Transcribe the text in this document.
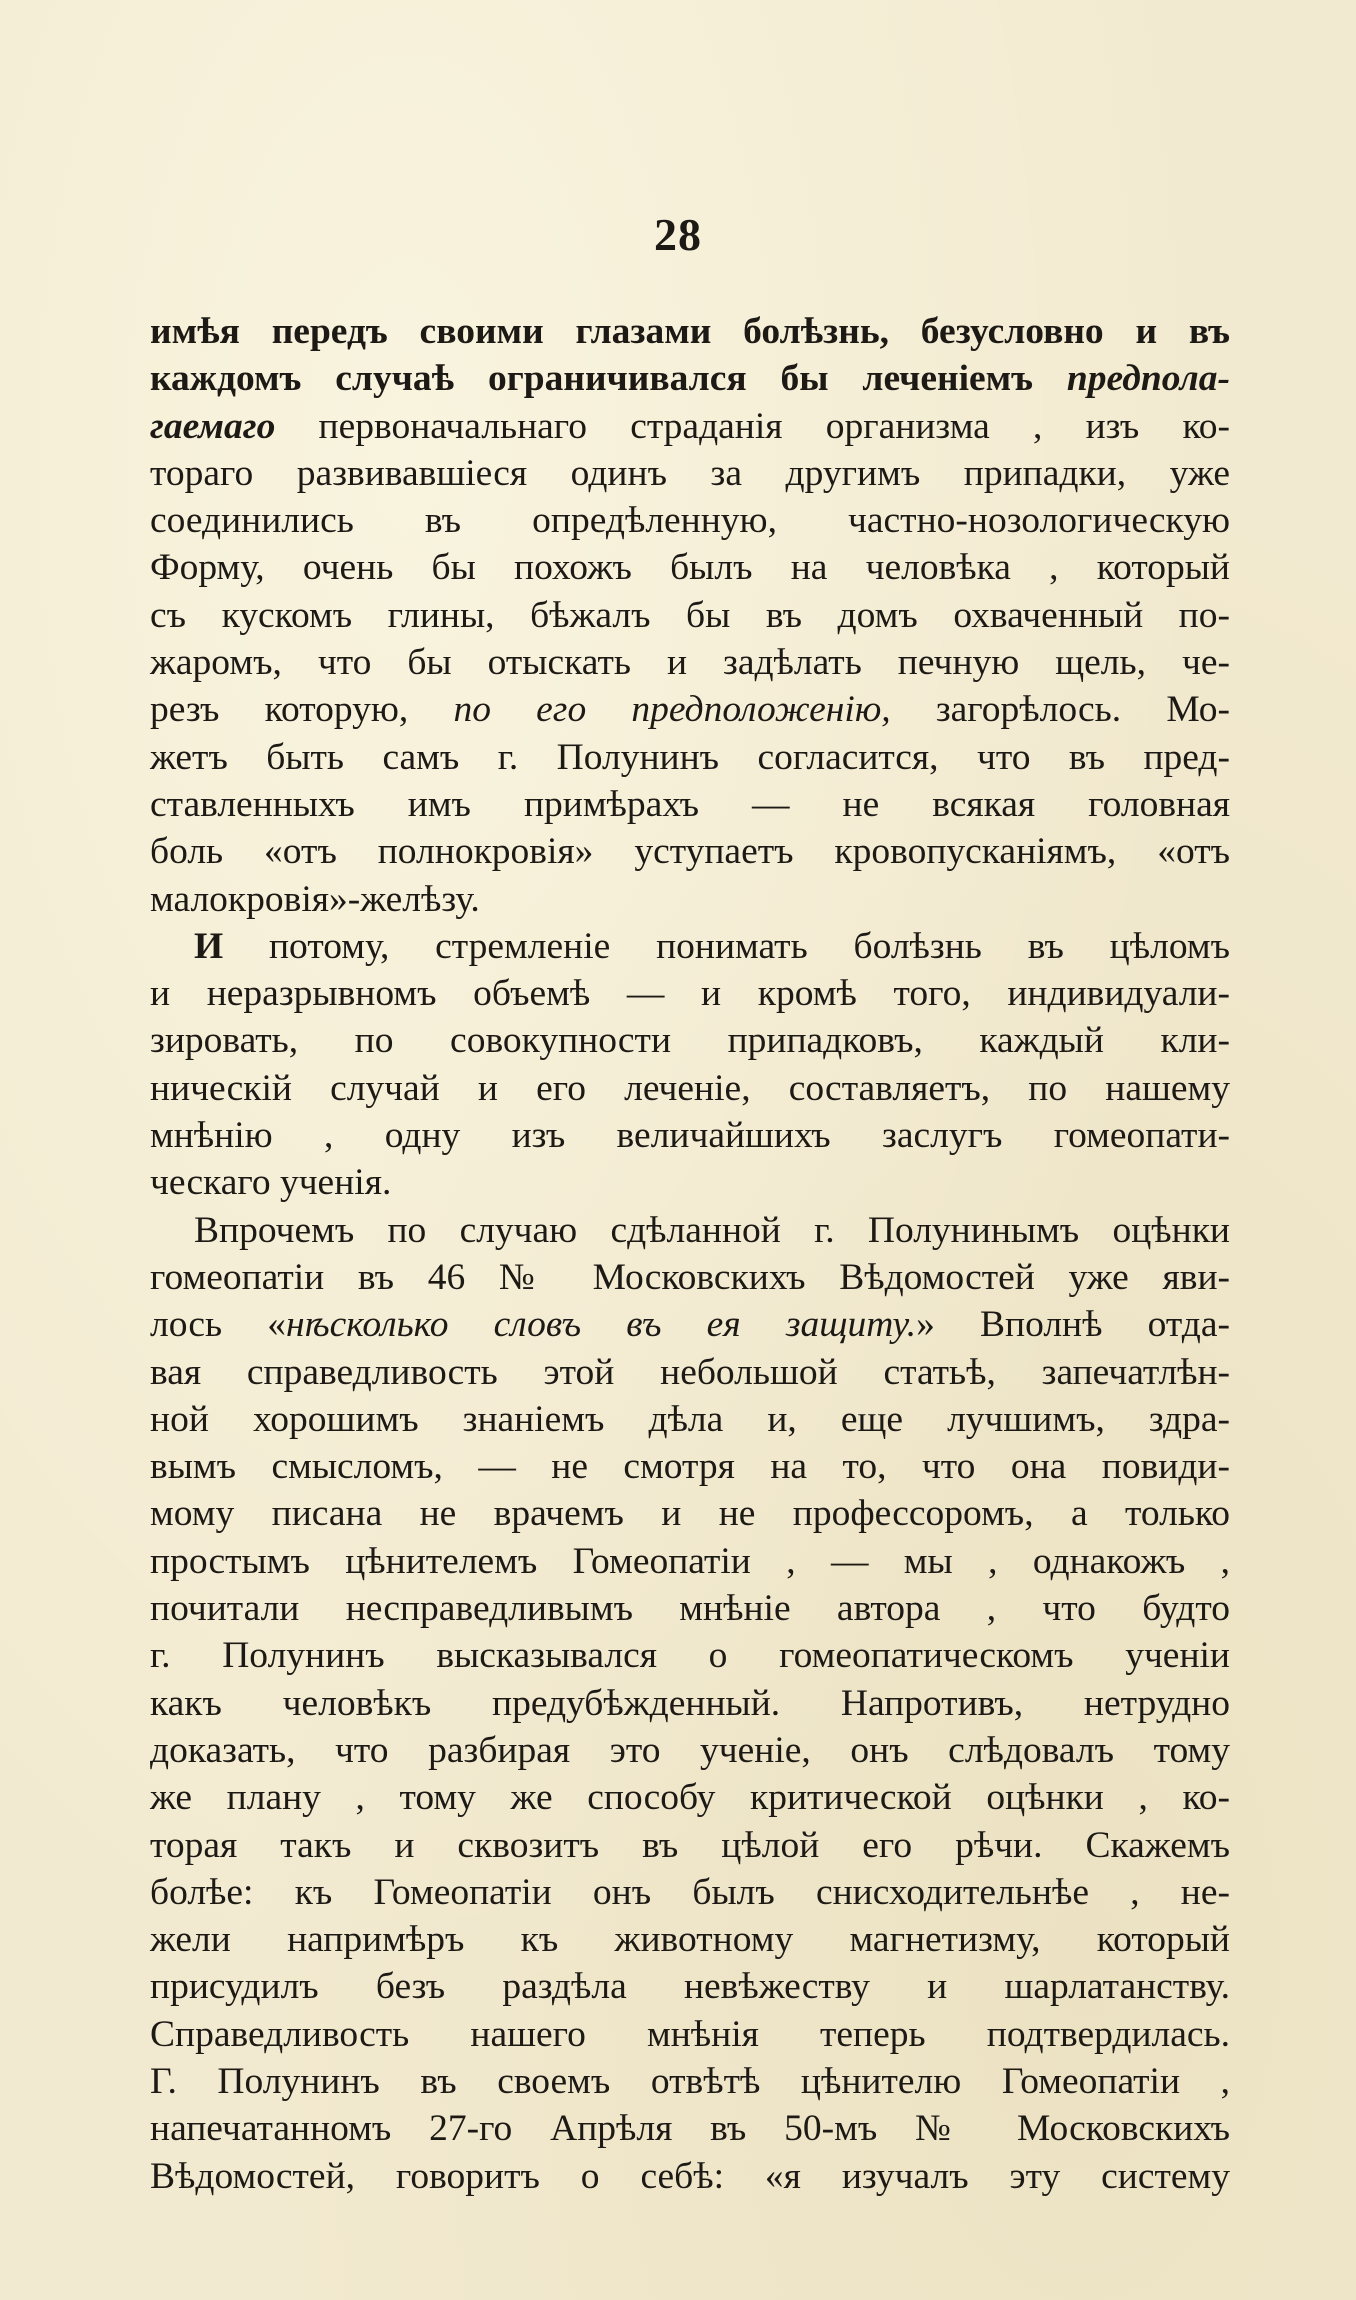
28
имѣя передъ своими глазами болѣзнь, безусловно и въ
каждомъ случаѣ ограничивался бы леченіемъ предпола-
гаемаго первоначальнаго страданія организма , изъ ко-
тораго развивавшіеся одинъ за другимъ припадки, уже
соединились въ опредѣленную, частно-нозологическую
Форму, очень бы похожъ былъ на человѣка , который
съ кускомъ глины, бѣжалъ бы въ домъ охваченный по-
жаромъ, что бы отыскать и задѣлать печную щель, че-
резъ которую, по его предположенію, загорѣлось. Мо-
жетъ быть самъ г. Полунинъ согласится, что въ пред-
ставленныхъ имъ примѣрахъ — не всякая головная
боль «отъ полнокровія» уступаетъ кровопусканіямъ, «отъ
малокровія»-желѣзу.
И потому, стремленіе понимать болѣзнь въ цѣломъ
и неразрывномъ объемѣ — и кромѣ того, индивидуали-
зировать, по совокупности припадковъ, каждый кли-
ническій случай и его леченіе, составляетъ, по нашему
мнѣнію , одну изъ величайшихъ заслугъ гомеопати-
ческаго ученія.
Впрочемъ по случаю сдѣланной г. Полунинымъ оцѣнки
гомеопатіи въ 46 № Московскихъ Вѣдомостей уже яви-
лось «нѣсколько словъ въ ея защиту.» Вполнѣ отда-
вая справедливость этой небольшой статьѣ, запечатлѣн-
ной хорошимъ знаніемъ дѣла и, еще лучшимъ, здра-
вымъ смысломъ, — не смотря на то, что она повиди-
мому писана не врачемъ и не профессоромъ, а только
простымъ цѣнителемъ Гомеопатіи , — мы , однакожъ ,
почитали несправедливымъ мнѣніе автора , что будто
г. Полунинъ высказывался о гомеопатическомъ ученіи
какъ человѣкъ предубѣжденный. Напротивъ, нетрудно
доказать, что разбирая это ученіе, онъ слѣдовалъ тому
же плану , тому же способу критической оцѣнки , ко-
торая такъ и сквозитъ въ цѣлой его рѣчи. Скажемъ
болѣе: къ Гомеопатіи онъ былъ снисходительнѣе , не-
жели напримѣръ къ животному магнетизму, который
присудилъ безъ раздѣла невѣжеству и шарлатанству.
Справедливость нашего мнѣнія теперь подтвердилась.
Г. Полунинъ въ своемъ отвѣтѣ цѣнителю Гомеопатіи ,
напечатанномъ 27-го Апрѣля въ 50-мъ № Московскихъ
Вѣдомостей, говоритъ о себѣ: «я изучалъ эту систему
